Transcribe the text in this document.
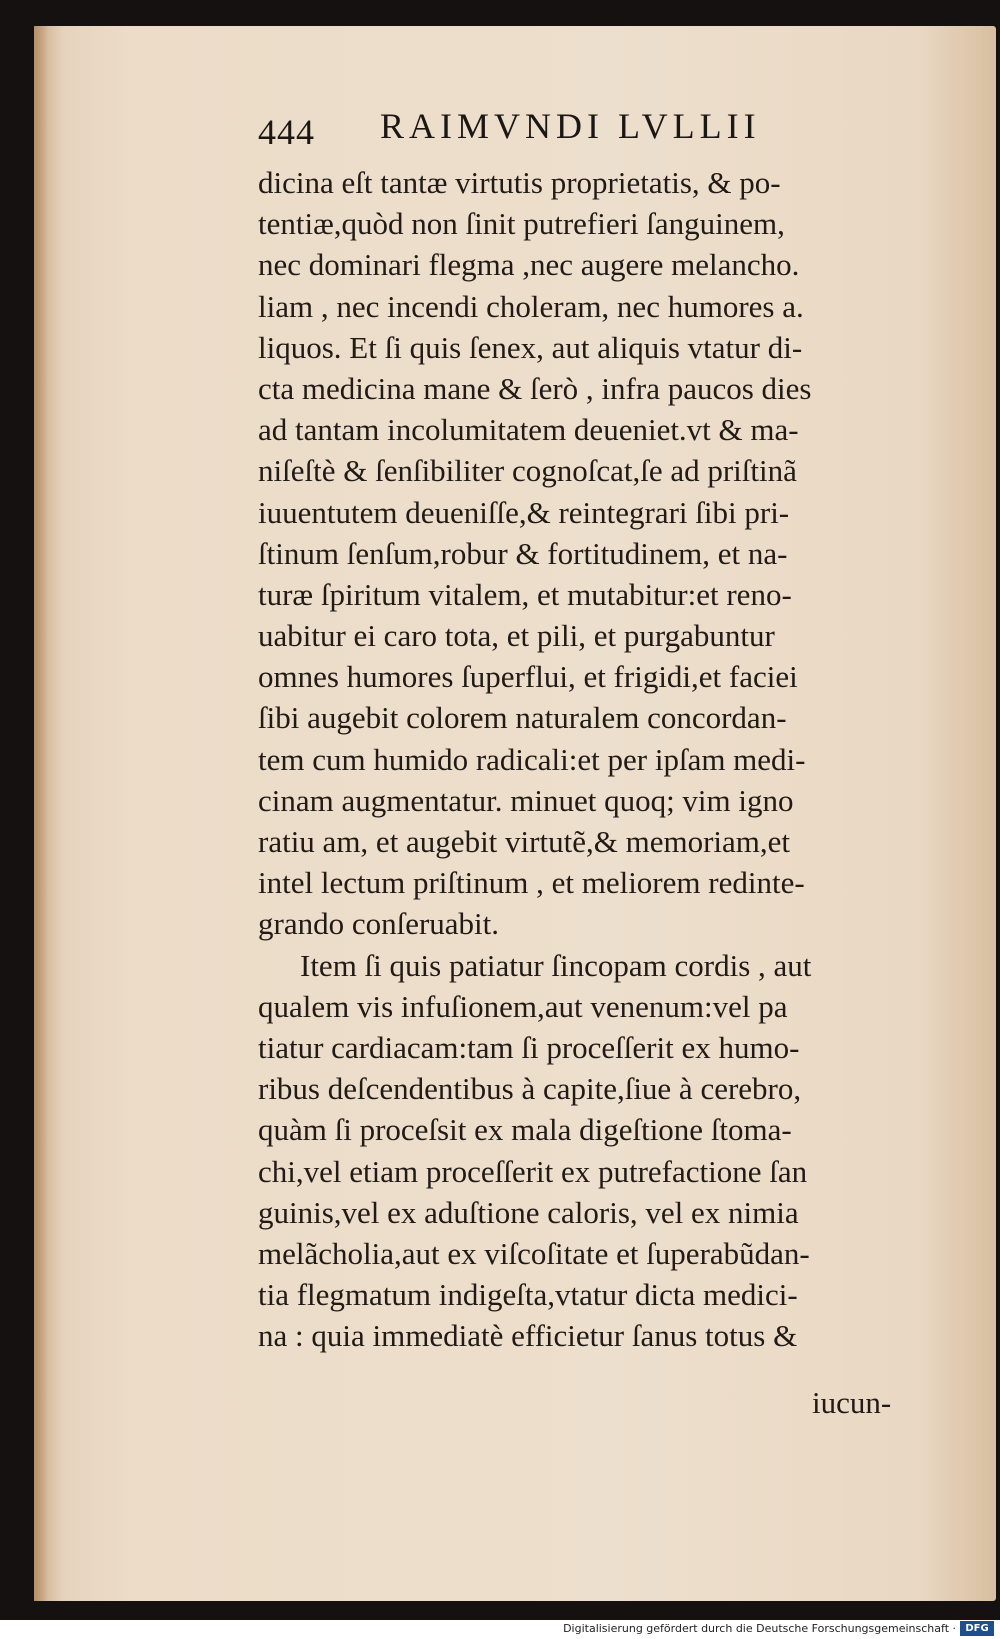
444 RAIMVNDI LVLLII
dicina eſt tantæ virtutis proprietatis, & po-
tentiæ,quòd non ſinit putrefieri ſanguinem,
nec dominari flegma ,nec augere melancho.
liam , nec incendi choleram, nec humores a.
liquos. Et ſi quis ſenex, aut aliquis vtatur di-
cta medicina mane & ſerò , infra paucos dies
ad tantam incolumitatem deueniet.vt & ma-
niſeſtè & ſenſibiliter cognoſcat,ſe ad priſtinã
iuuentutem deueniſſe,& reintegrari ſibi pri-
ſtinum ſenſum,robur & fortitudinem, et na-
turæ ſpiritum vitalem, et mutabitur:et reno-
uabitur ei caro tota, et pili, et purgabuntur
omnes humores ſuperflui, et frigidi,et faciei
ſibi augebit colorem naturalem concordan-
tem cum humido radicali:et per ipſam medi-
cinam augmentatur. minuet quoq; vim igno
ratiu am, et augebit virtutẽ,& memoriam,et
intel lectum priſtinum , et meliorem redinte-
grando conſeruabit.
Item ſi quis patiatur ſincopam cordis , aut
qualem vis infuſionem,aut venenum:vel pa
tiatur cardiacam:tam ſi proceſſerit ex humo-
ribus deſcendentibus à capite,ſiue à cerebro,
quàm ſi proceſsit ex mala digeſtione ſtoma-
chi,vel etiam proceſſerit ex putrefactione ſan
guinis,vel ex aduſtione caloris, vel ex nimia
melãcholia,aut ex viſcoſitate et ſuperabũdan-
tia flegmatum indigeſta,vtatur dicta medici-
na : quia immediatè efficietur ſanus totus &
iucun-
Digitalisierung gefördert durch die Deutsche Forschungsgemeinschaft · DFG
